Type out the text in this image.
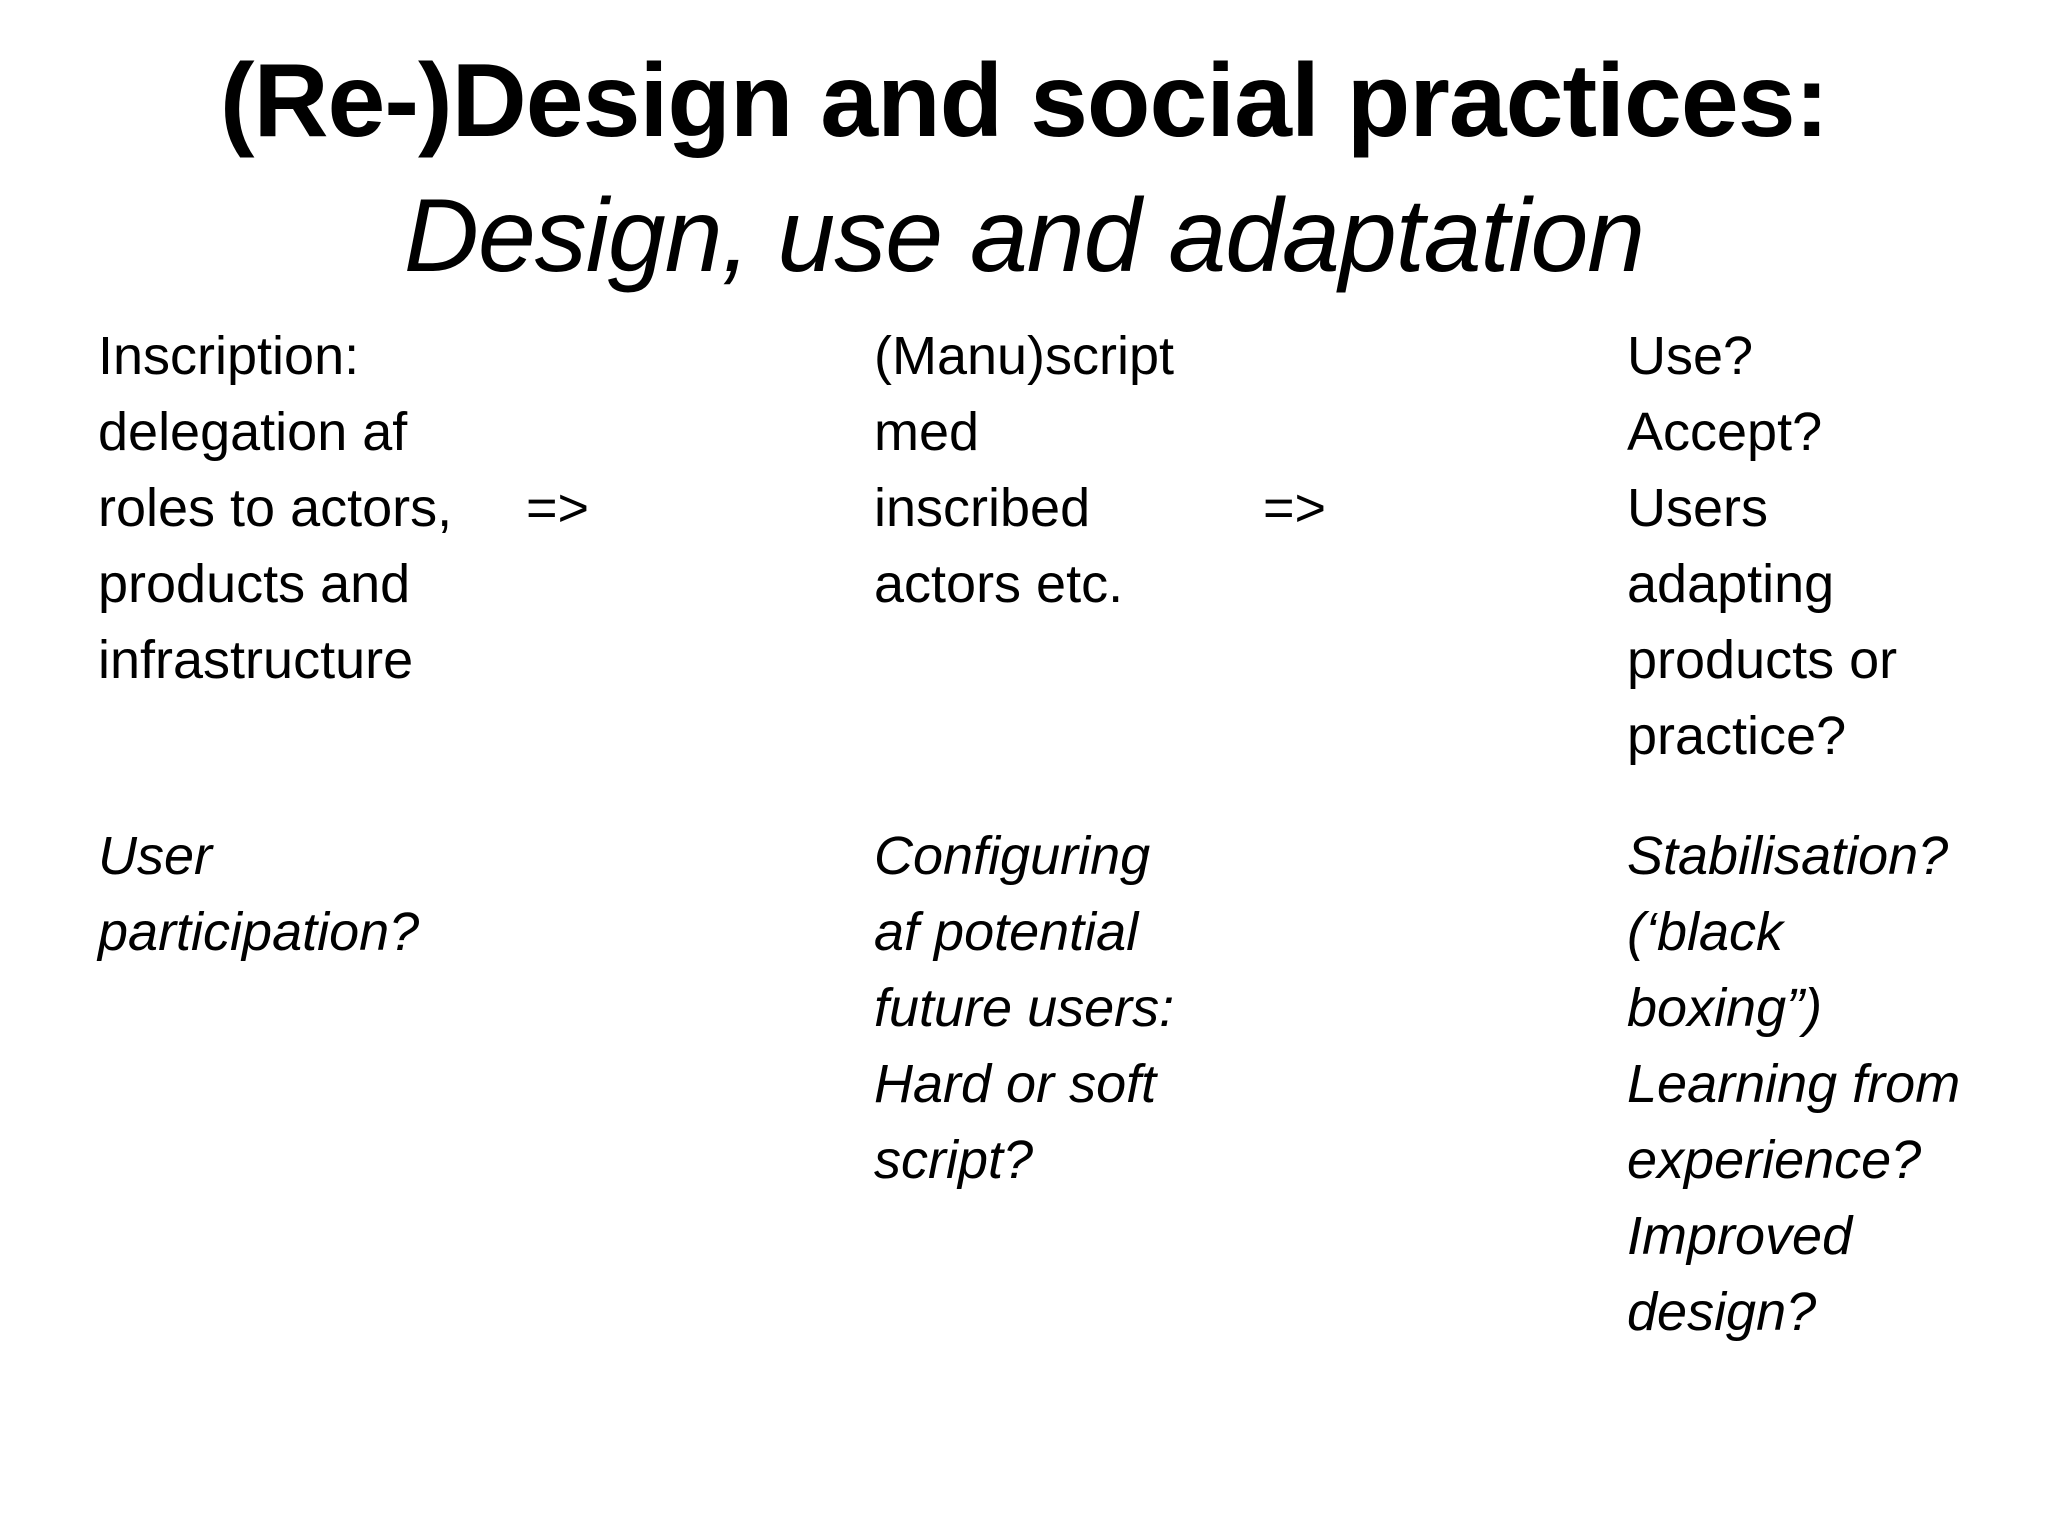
(Re-)Design and social practices:
Design, use and adaptation
Inscription:
delegation af
roles to actors,
products and
infrastructure
=>
(Manu)script
med
inscribed
actors etc.
=>
Use?
Accept?
Users
adapting
products or
practice?
User
participation?
Configuring
af potential
future users:
Hard or soft
script?
Stabilisation?
(‘black
boxing”)
Learning from
experience?
Improved
design?
